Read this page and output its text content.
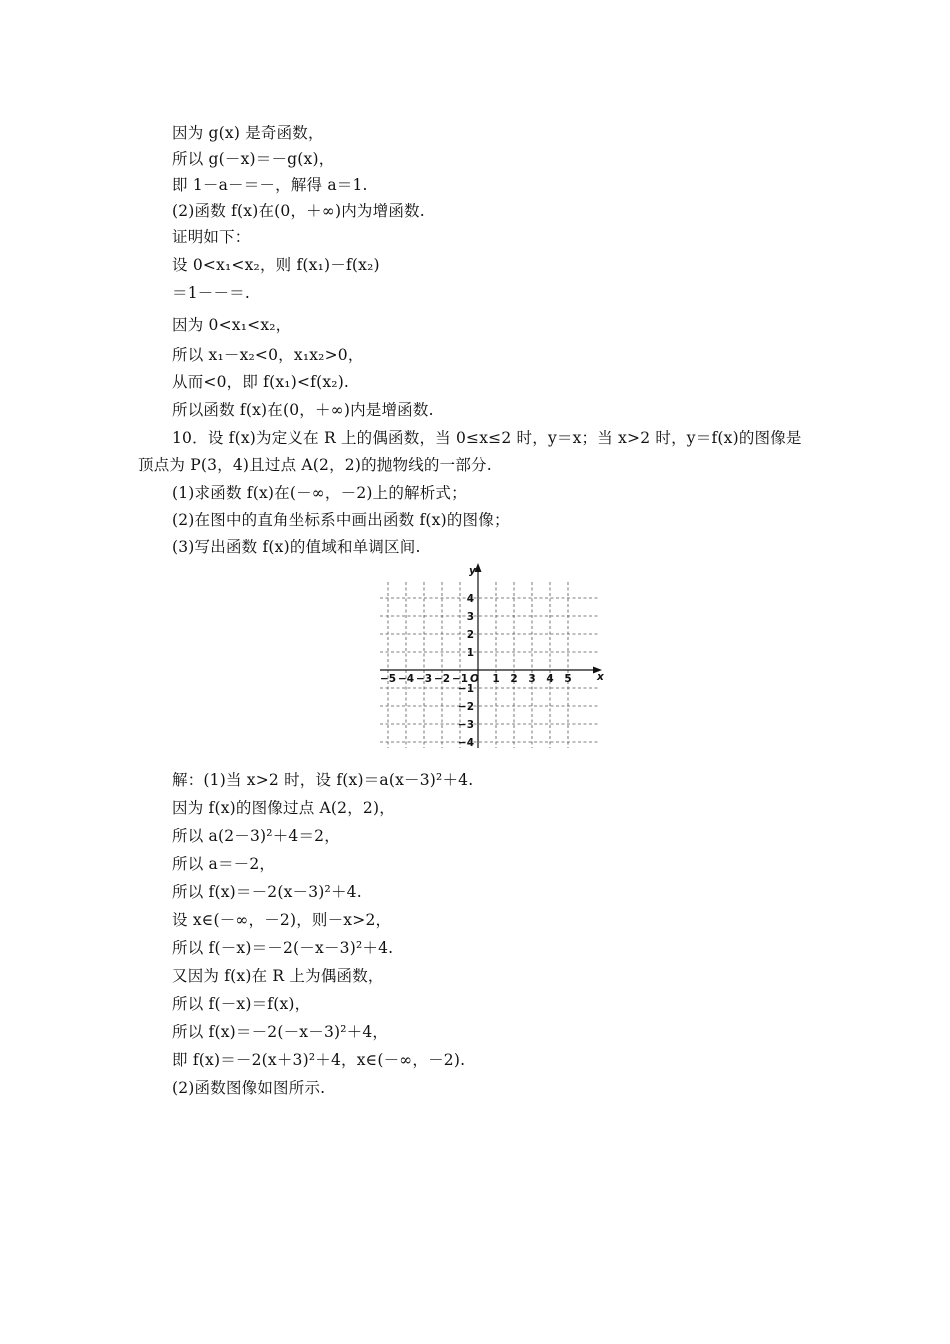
因为 g(x) 是奇函数，
所以 g(－x)＝－g(x)，
即 1－a－＝－，解得 a＝1.
(2)函数 f(x)在(0，＋∞)内为增函数.
证明如下：
设 0<x₁<x₂，则 f(x₁)－f(x₂)
＝1－－＝.
因为 0<x₁<x₂，
所以 x₁－x₂<0，x₁x₂>0，
从而<0，即 f(x₁)<f(x₂).
所以函数 f(x)在(0，＋∞)内是增函数.
10．设 f(x)为定义在 R 上的偶函数，当 0≤x≤2 时，y＝x；当 x>2 时，y＝f(x)的图像是
顶点为 P(3，4)且过点 A(2，2)的抛物线的一部分.
(1)求函数 f(x)在(－∞，－2)上的解析式；
(2)在图中的直角坐标系中画出函数 f(x)的图像；
(3)写出函数 f(x)的值域和单调区间.
x
y
O
−5 −4 −3 −2 −1 1 2 3 4 5
4
3
2
1
−1
−2
−3
−4
解：(1)当 x>2 时，设 f(x)＝a(x－3)²＋4.
因为 f(x)的图像过点 A(2，2)，
所以 a(2－3)²＋4＝2，
所以 a＝－2，
所以 f(x)＝－2(x－3)²＋4.
设 x∈(－∞，－2)，则－x>2，
所以 f(－x)＝－2(－x－3)²＋4.
又因为 f(x)在 R 上为偶函数，
所以 f(－x)＝f(x)，
所以 f(x)＝－2(－x－3)²＋4，
即 f(x)＝－2(x＋3)²＋4，x∈(－∞，－2).
(2)函数图像如图所示.
